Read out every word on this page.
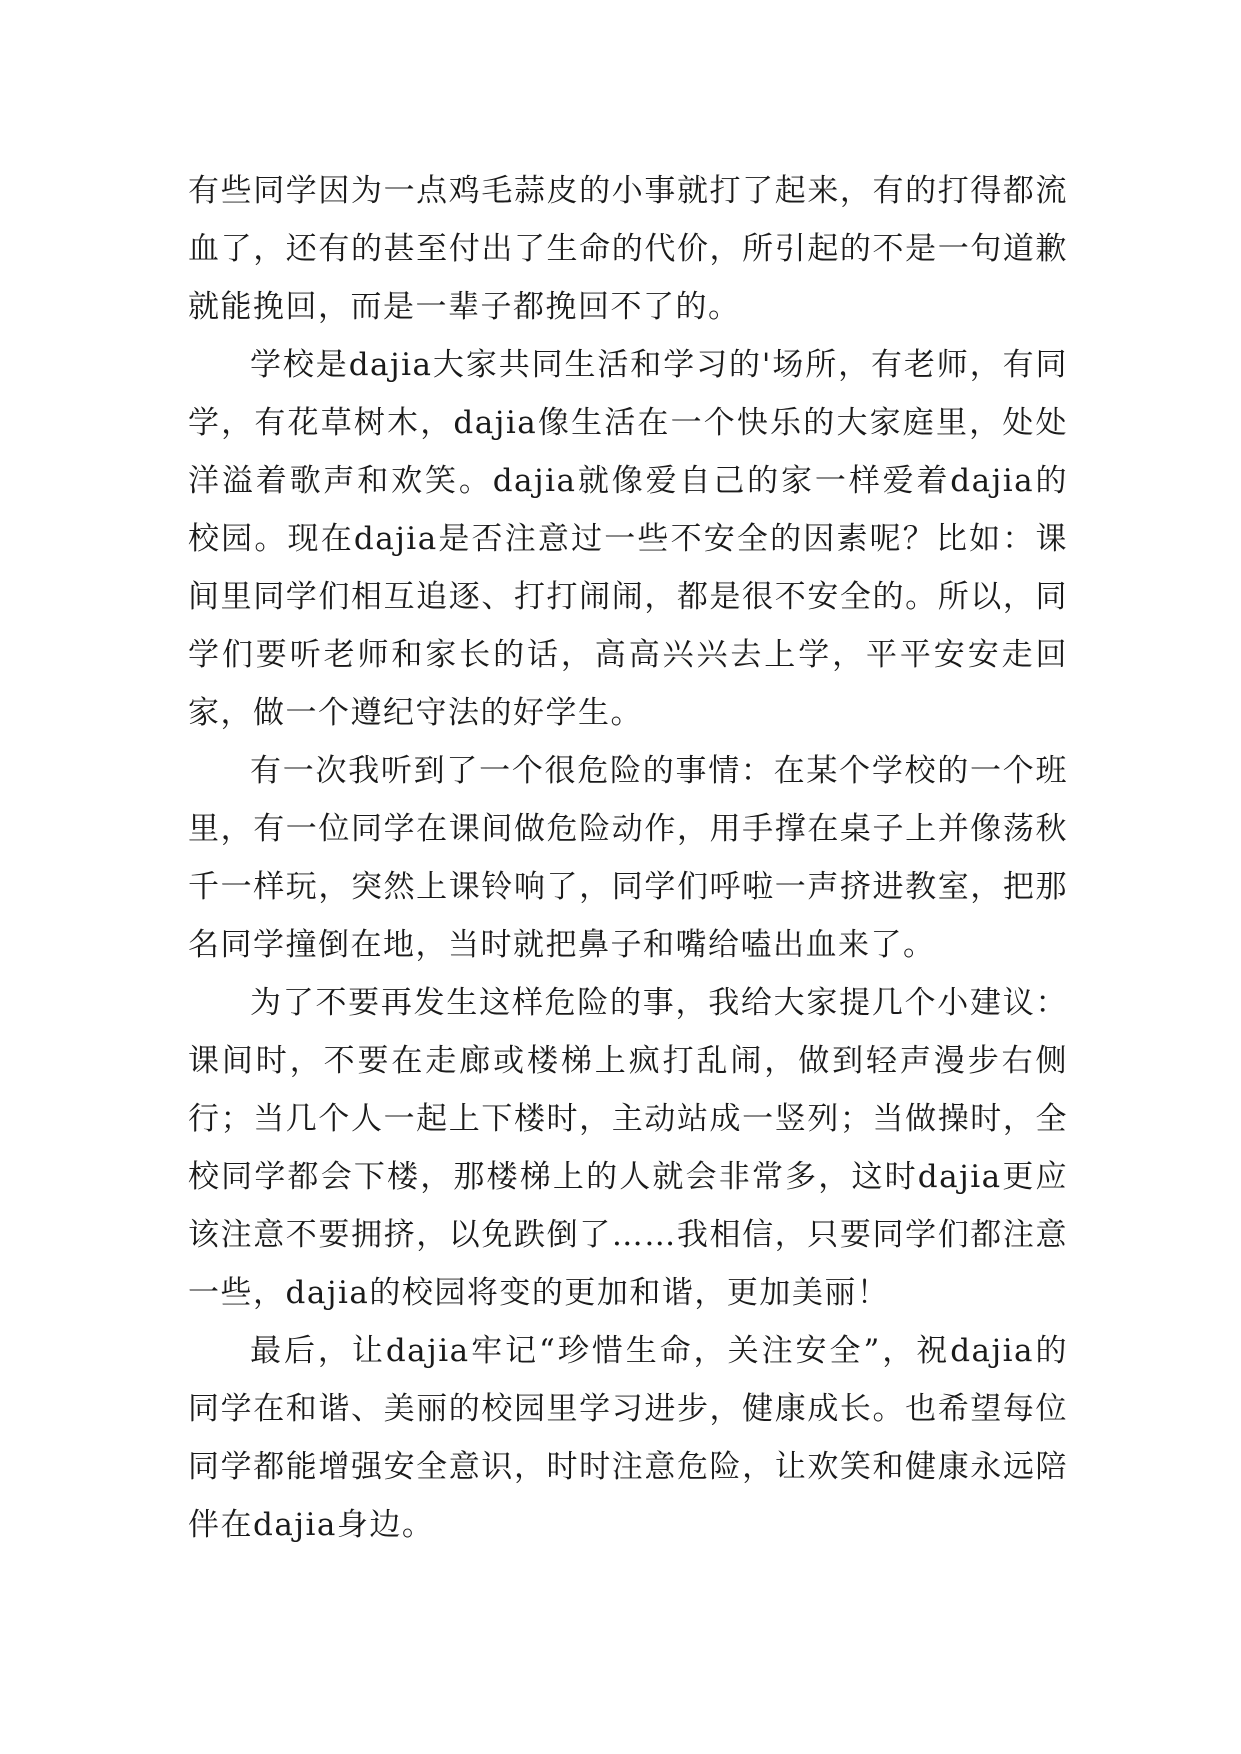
有些同学因为一点鸡毛蒜皮的小事就打了起来，有的打得都流血了，还有的甚至付出了生命的代价，所引起的不是一句道歉就能挽回，而是一辈子都挽回不了的。

学校是dajia大家共同生活和学习的'场所，有老师，有同学，有花草树木，dajia像生活在一个快乐的大家庭里，处处洋溢着歌声和欢笑。dajia就像爱自己的家一样爱着dajia的校园。现在dajia是否注意过一些不安全的因素呢？比如：课间里同学们相互追逐、打打闹闹，都是很不安全的。所以，同学们要听老师和家长的话，高高兴兴去上学，平平安安走回家，做一个遵纪守法的好学生。

有一次我听到了一个很危险的事情：在某个学校的一个班里，有一位同学在课间做危险动作，用手撑在桌子上并像荡秋千一样玩，突然上课铃响了，同学们呼啦一声挤进教室，把那名同学撞倒在地，当时就把鼻子和嘴给嗑出血来了。

为了不要再发生这样危险的事，我给大家提几个小建议：课间时，不要在走廊或楼梯上疯打乱闹，做到轻声漫步右侧行；当几个人一起上下楼时，主动站成一竖列；当做操时，全校同学都会下楼，那楼梯上的人就会非常多，这时dajia更应该注意不要拥挤，以免跌倒了……我相信，只要同学们都注意一些，dajia的校园将变的更加和谐，更加美丽！

最后，让dajia牢记“珍惜生命，关注安全”，祝dajia的同学在和谐、美丽的校园里学习进步，健康成长。也希望每位同学都能增强安全意识，时时注意危险，让欢笑和健康永远陪伴在dajia身边。
